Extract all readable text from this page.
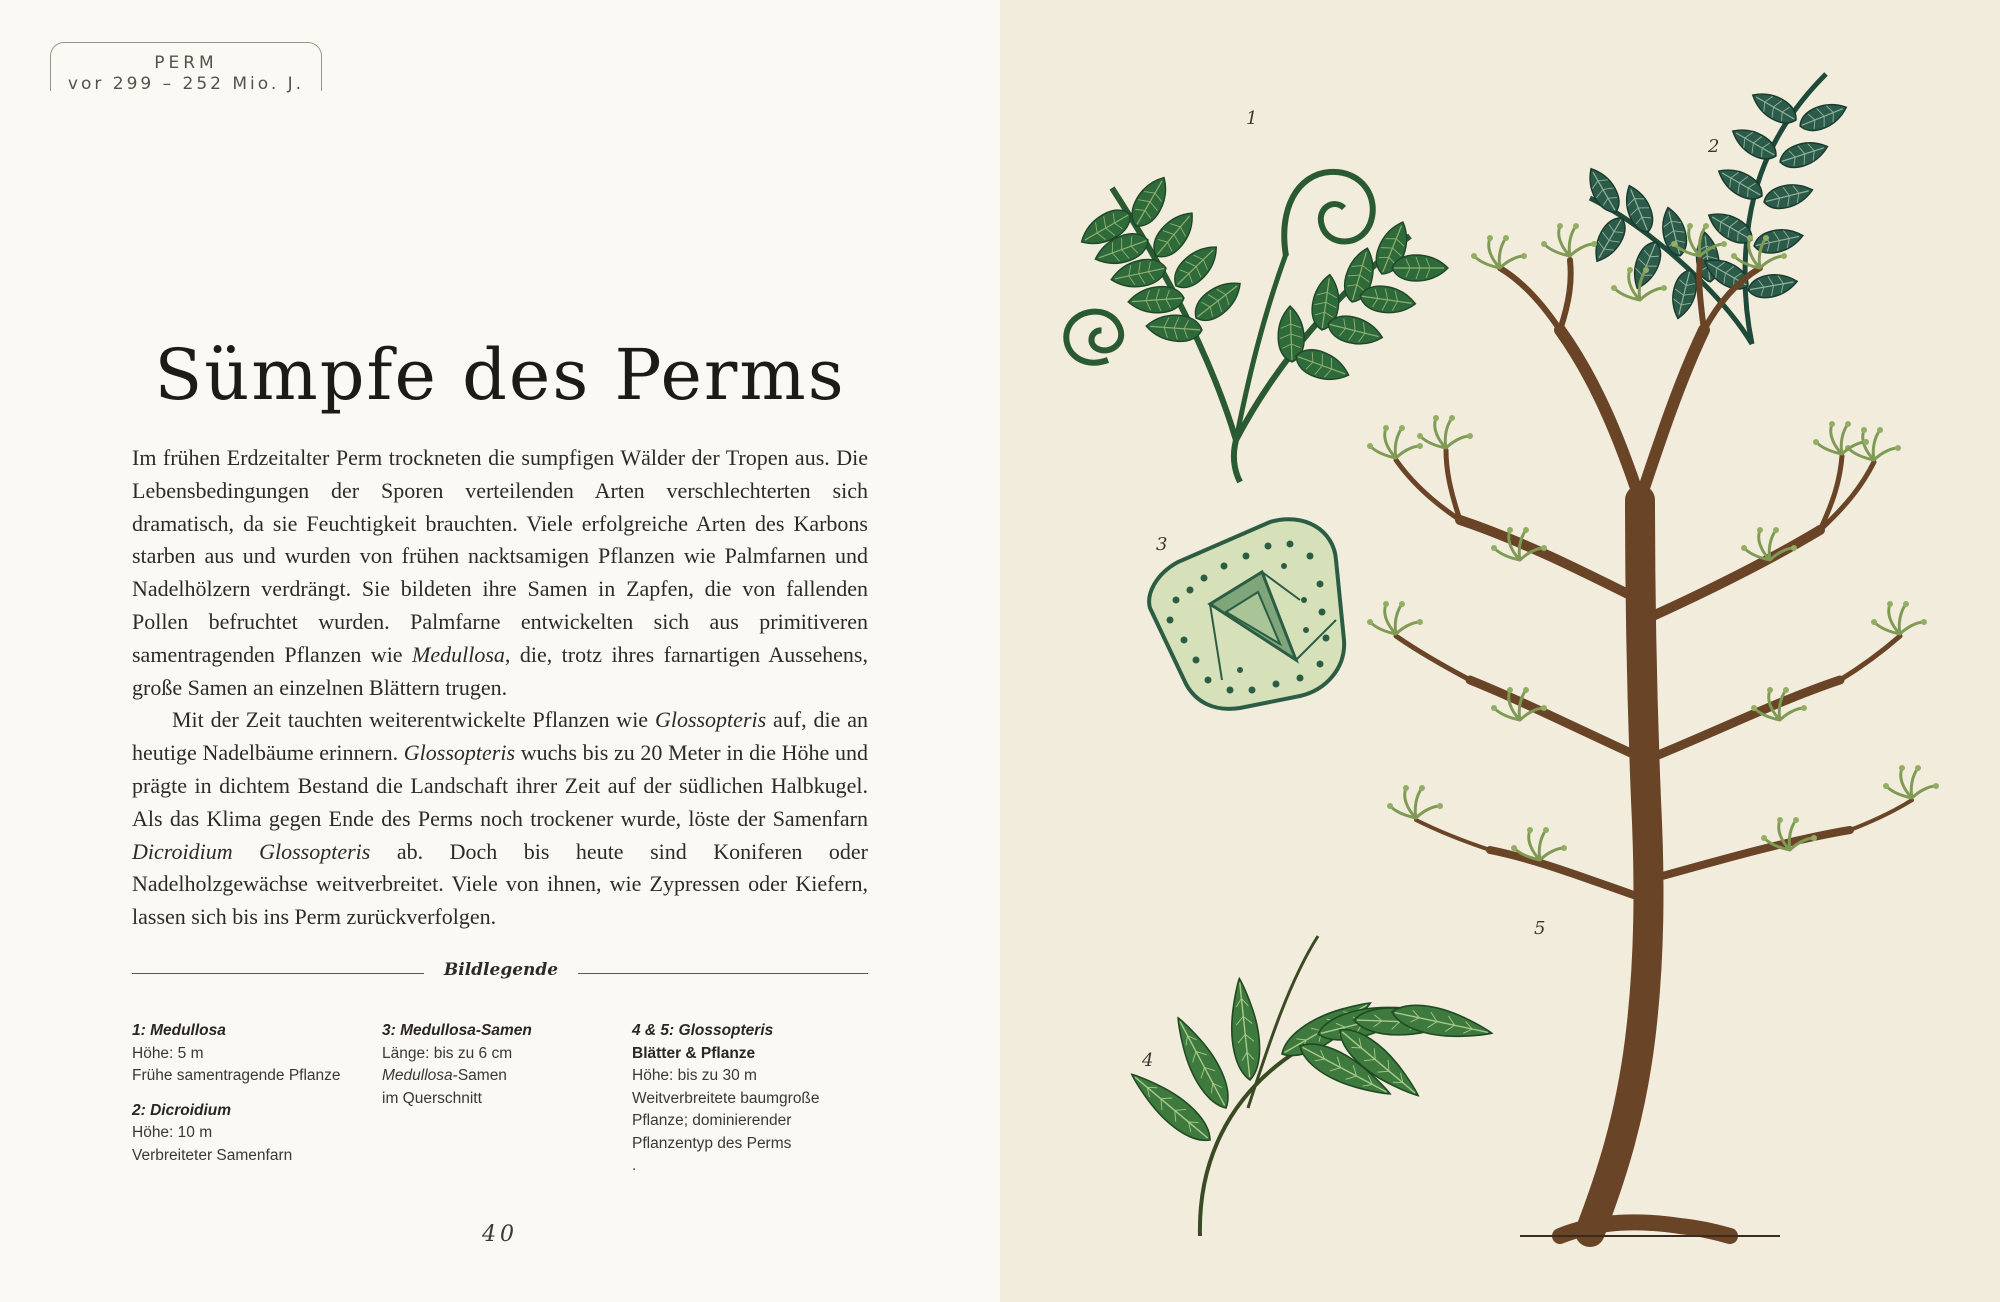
PERM
vor 299 – 252 Mio. J.
Sümpfe des Perms

Im frühen Erdzeitalter Perm trockneten die sumpfigen Wälder der Tropen aus. Die Lebensbedingungen der Sporen verteilenden Arten verschlechterten sich dramatisch, da sie Feuchtigkeit brauchten. Viele erfolgreiche Arten des Karbons starben aus und wurden von frühen nacktsamigen Pflanzen wie Palmfarnen und Nadelhölzern verdrängt. Sie bildeten ihre Samen in Zapfen, die von fallenden Pollen befruchtet wurden. Palmfarne entwickelten sich aus primitiveren samentragenden Pflanzen wie Medullosa, die, trotz ihres farnartigen Aussehens, große Samen an einzelnen Blättern trugen.

Mit der Zeit tauchten weiterentwickelte Pflanzen wie Glossopteris auf, die an heutige Nadelbäume erinnern. Glossopteris wuchs bis zu 20 Meter in die Höhe und prägte in dichtem Bestand die Landschaft ihrer Zeit auf der südlichen Halbkugel. Als das Klima gegen Ende des Perms noch trockener wurde, löste der Samenfarn Dicroidium Glossopteris ab. Doch bis heute sind Koniferen oder Nadelholzgewächse weitverbreitet. Viele von ihnen, wie Zypressen oder Kiefern, lassen sich bis ins Perm zurückverfolgen.

Bildlegende
1: Medullosa
Höhe: 5 m
Frühe samentragende Pflanze
2: Dicroidium
Höhe: 10 m
Verbreiteter Samenfarn
3: Medullosa-Samen
Länge: bis zu 6 cm
Medullosa-Samen
im Querschnitt
4 & 5: Glossopteris
Blätter & Pflanze
Höhe: bis zu 30 m
Weitverbreitete baumgroße
Pflanze; dominierender
Pflanzentyp des Perms
.
40
1
2
3
4
5
